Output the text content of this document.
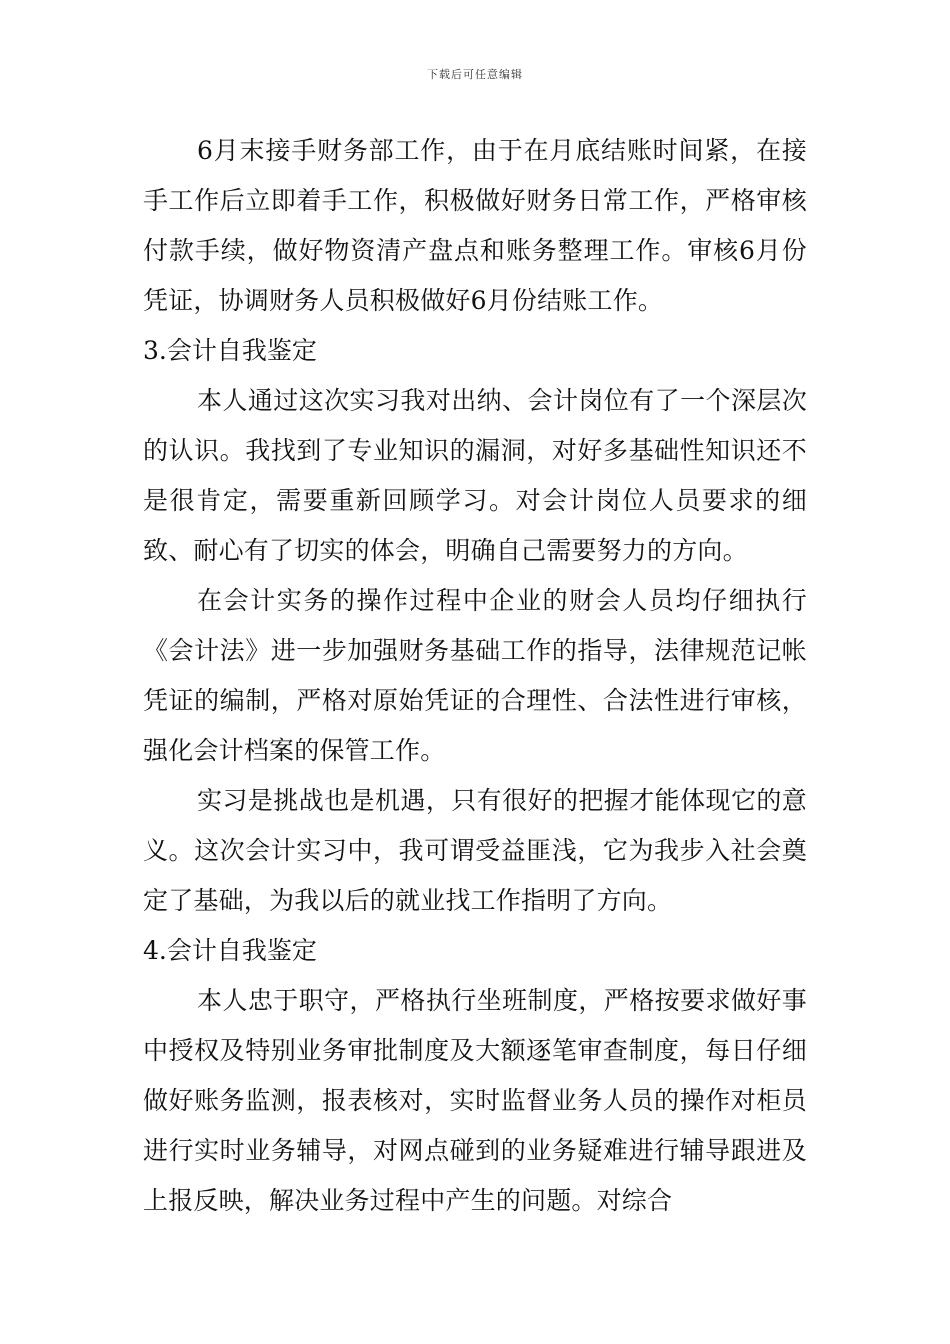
下载后可任意编辑

6月末接手财务部工作，由于在月底结账时间紧，在接手工作后立即着手工作，积极做好财务日常工作，严格审核付款手续，做好物资清产盘点和账务整理工作。审核6月份凭证，协调财务人员积极做好6月份结账工作。

3.会计自我鉴定

本人通过这次实习我对出纳、会计岗位有了一个深层次的认识。我找到了专业知识的漏洞，对好多基础性知识还不是很肯定，需要重新回顾学习。对会计岗位人员要求的细致、耐心有了切实的体会，明确自己需要努力的方向。

在会计实务的操作过程中企业的财会人员均仔细执行《会计法》进一步加强财务基础工作的指导，法律规范记帐凭证的编制，严格对原始凭证的合理性、合法性进行审核，强化会计档案的保管工作。

实习是挑战也是机遇，只有很好的把握才能体现它的意义。这次会计实习中，我可谓受益匪浅，它为我步入社会奠定了基础，为我以后的就业找工作指明了方向。

4.会计自我鉴定

本人忠于职守，严格执行坐班制度，严格按要求做好事中授权及特别业务审批制度及大额逐笔审查制度，每日仔细做好账务监测，报表核对，实时监督业务人员的操作对柜员进行实时业务辅导，对网点碰到的业务疑难进行辅导跟进及上报反映，解决业务过程中产生的问题。对综合
